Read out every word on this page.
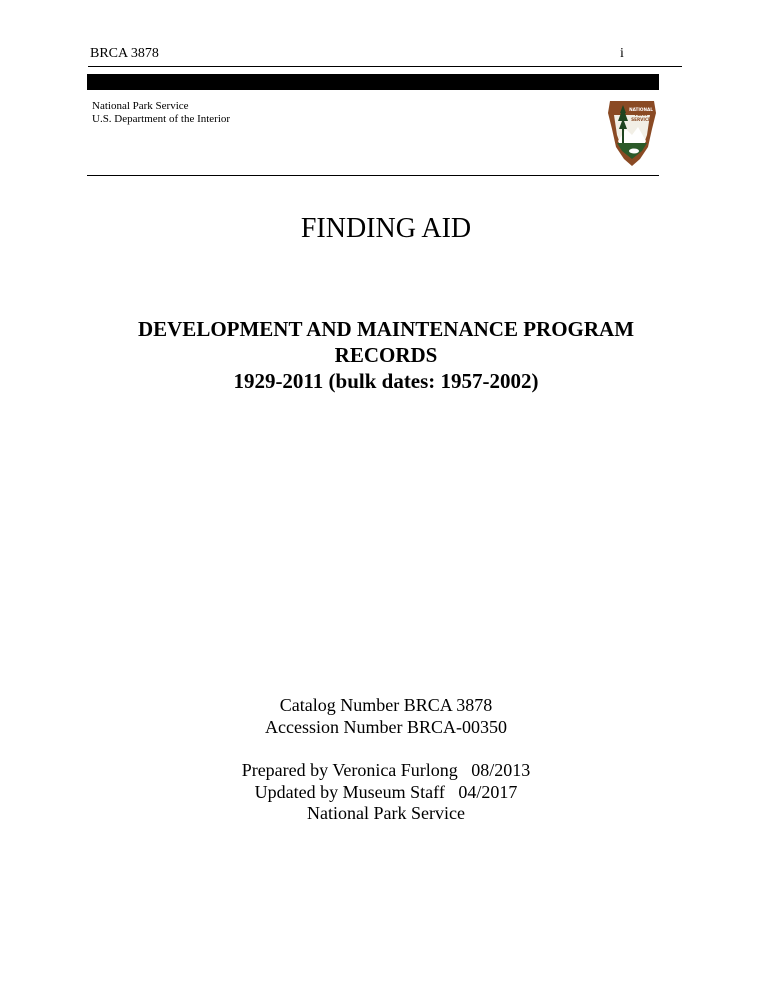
BRCA 3878	i
National Park Service
U.S. Department of the Interior
NATIONAL
PARK
SERVICE
FINDING AID
DEVELOPMENT AND MAINTENANCE PROGRAM
RECORDS
1929-2011 (bulk dates: 1957-2002)
Catalog Number BRCA 3878
Accession Number BRCA-00350
Prepared by Veronica Furlong   08/2013
Updated by Museum Staff   04/2017
National Park Service
